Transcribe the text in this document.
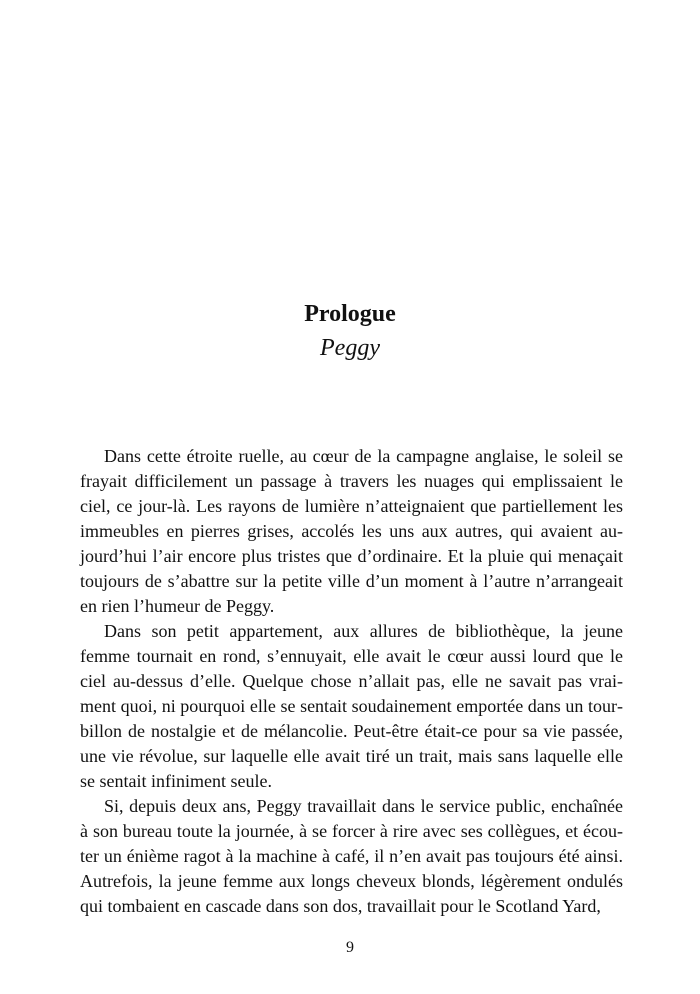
Prologue
Peggy

Dans cette étroite ruelle, au cœur de la campagne anglaise, le soleil se frayait difficilement un passage à travers les nuages qui emplissaient le ciel, ce jour-là. Les rayons de lumière n’atteignaient que partiellement les immeubles en pierres grises, accolés les uns aux autres, qui avaient aujourd’hui l’air encore plus tristes que d’ordinaire. Et la pluie qui menaçait toujours de s’abattre sur la petite ville d’un moment à l’autre n’arrangeait en rien l’humeur de Peggy.

Dans son petit appartement, aux allures de bibliothèque, la jeune femme tournait en rond, s’ennuyait, elle avait le cœur aussi lourd que le ciel au-dessus d’elle. Quelque chose n’allait pas, elle ne savait pas vraiment quoi, ni pourquoi elle se sentait soudainement emportée dans un tourbillon de nostalgie et de mélancolie. Peut-être était-ce pour sa vie passée, une vie révolue, sur laquelle elle avait tiré un trait, mais sans laquelle elle se sentait infiniment seule.

Si, depuis deux ans, Peggy travaillait dans le service public, enchaînée à son bureau toute la journée, à se forcer à rire avec ses collègues, et écouter un énième ragot à la machine à café, il n’en avait pas toujours été ainsi. Autrefois, la jeune femme aux longs cheveux blonds, légèrement ondulés qui tombaient en cascade dans son dos, travaillait pour le Scotland Yard,

9
